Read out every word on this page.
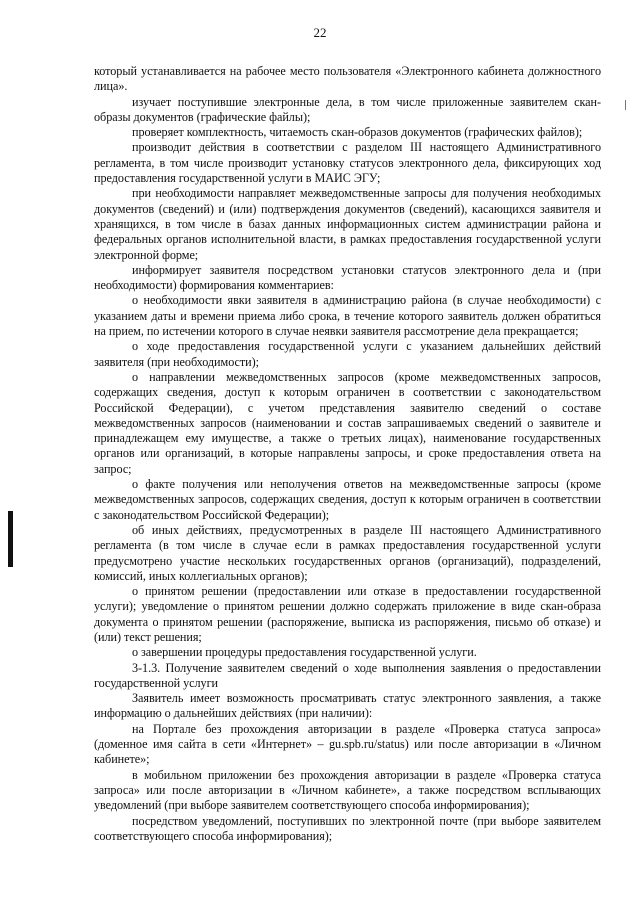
22

который устанавливается на рабочее место пользователя «Электронного кабинета должностного лица».

изучает поступившие электронные дела, в том числе приложенные заявителем скан-образы документов (графические файлы);

проверяет комплектность, читаемость скан-образов документов (графических файлов);

производит действия в соответствии с разделом III настоящего Административного регламента, в том числе производит установку статусов электронного дела, фиксирующих ход предоставления государственной услуги в МАИС ЭГУ;

при необходимости направляет межведомственные запросы для получения необходимых документов (сведений) и (или) подтверждения документов (сведений), касающихся заявителя и хранящихся, в том числе в базах данных информационных систем администрации района и федеральных органов исполнительной власти, в рамках предоставления государственной услуги электронной форме;

информирует заявителя посредством установки статусов электронного дела и (при необходимости) формирования комментариев:

о необходимости явки заявителя в администрацию района (в случае необходимости) с указанием даты и времени приема либо срока, в течение которого заявитель должен обратиться на прием, по истечении которого в случае неявки заявителя рассмотрение дела прекращается;

о ходе предоставления государственной услуги с указанием дальнейших действий заявителя (при необходимости);

о направлении межведомственных запросов (кроме межведомственных запросов, содержащих сведения, доступ к которым ограничен в соответствии с законодательством Российской Федерации), с учетом представления заявителю сведений о составе межведомственных запросов (наименовании и состав запрашиваемых сведений о заявителе и принадлежащем ему имуществе, а также о третьих лицах), наименование государственных органов или организаций, в которые направлены запросы, и сроке предоставления ответа на запрос;

о факте получения или неполучения ответов на межведомственные запросы (кроме межведомственных запросов, содержащих сведения, доступ к которым ограничен в соответствии с законодательством Российской Федерации);

об иных действиях, предусмотренных в разделе III настоящего Административного регламента (в том числе в случае если в рамках предоставления государственной услуги предусмотрено участие нескольких государственных органов (организаций), подразделений, комиссий, иных коллегиальных органов);

о принятом решении (предоставлении или отказе в предоставлении государственной услуги); уведомление о принятом решении должно содержать приложение в виде скан-образа документа о принятом решении (распоряжение, выписка из распоряжения, письмо об отказе) и (или) текст решения;

о завершении процедуры предоставления государственной услуги.

3-1.3. Получение заявителем сведений о ходе выполнения заявления о предоставлении государственной услуги

Заявитель имеет возможность просматривать статус электронного заявления, а также информацию о дальнейших действиях (при наличии):

на Портале без прохождения авторизации в разделе «Проверка статуса запроса» (доменное имя сайта в сети «Интернет» – gu.spb.ru/status) или после авторизации в «Личном кабинете»;

в мобильном приложении без прохождения авторизации в разделе «Проверка статуса запроса» или после авторизации в «Личном кабинете», а также посредством всплывающих уведомлений (при выборе заявителем соответствующего способа информирования);

посредством уведомлений, поступивших по электронной почте (при выборе заявителем соответствующего способа информирования);
